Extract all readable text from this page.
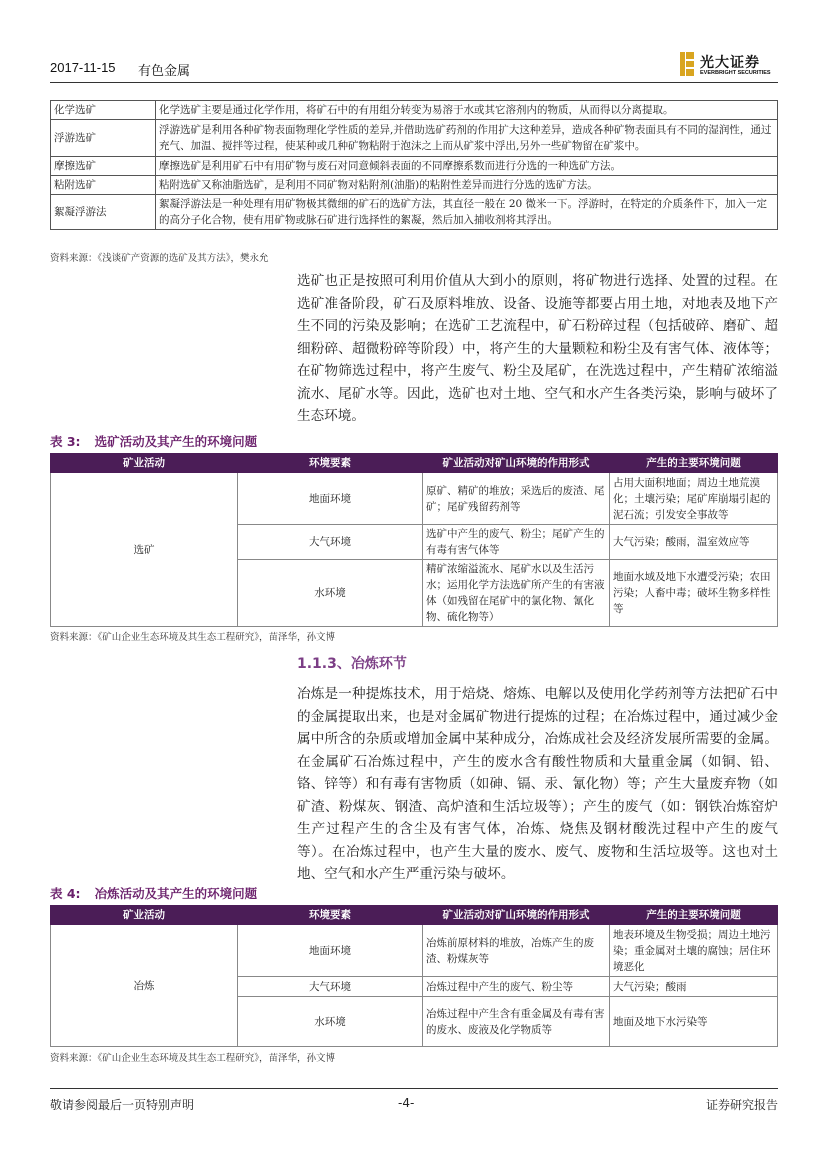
2017-11-15 有色金属
光大证券
EVERBRIGHT SECURITIES
化学选矿	化学选矿主要是通过化学作用，将矿石中的有用组分转变为易溶于水或其它溶剂内的物质，从而得以分离提取。
浮游选矿	浮游选矿是利用各种矿物表面物理化学性质的差异,并借助选矿药剂的作用扩大这种差异，造成各种矿物表面具有不同的湿润性，通过充气、加温、搅拌等过程，使某种或几种矿物粘附于泡沫之上而从矿浆中浮出,另外一些矿物留在矿浆中。
摩擦选矿	摩擦选矿是利用矿石中有用矿物与废石对同意倾斜表面的不同摩擦系数而进行分选的一种选矿方法。
粘附选矿	粘附选矿又称油脂选矿，是利用不同矿物对粘附剂(油脂)的粘附性差异而进行分选的选矿方法。
絮凝浮游法	絮凝浮游法是一种处理有用矿物极其微细的矿石的选矿方法，其直径一般在 20 微米一下。浮游时，在特定的介质条件下，加入一定的高分子化合物，使有用矿物或脉石矿进行选择性的絮凝，然后加入捕收剂将其浮出。
资料来源：《浅谈矿产资源的选矿及其方法》，樊永允
选矿也正是按照可利用价值从大到小的原则，将矿物进行选择、处置的过程。在选矿准备阶段，矿石及原料堆放、设备、设施等都要占用土地，对地表及地下产生不同的污染及影响；在选矿工艺流程中，矿石粉碎过程（包括破碎、磨矿、超细粉碎、超微粉碎等阶段）中，将产生的大量颗粒和粉尘及有害气体、液体等；在矿物筛选过程中，将产生废气、粉尘及尾矿，在洗选过程中，产生精矿浓缩溢流水、尾矿水等。因此，选矿也对土地、空气和水产生各类污染，影响与破坏了生态环境。
表 3: 选矿活动及其产生的环境问题
矿业活动	环境要素	矿业活动对矿山环境的作用形式	产生的主要环境问题
选矿	地面环境	原矿、精矿的堆放；采选后的废渣、尾矿；尾矿残留药剂等	占用大面积地面；周边土地荒漠化；土壤污染；尾矿库崩塌引起的泥石流；引发安全事故等
	大气环境	选矿中产生的废气、粉尘；尾矿产生的有毒有害气体等	大气污染；酸雨，温室效应等
	水环境	精矿浓缩溢流水、尾矿水以及生活污水；运用化学方法选矿所产生的有害液体（如残留在尾矿中的氯化物、氰化物、硫化物等）	地面水域及地下水遭受污染；农田污染；人畜中毒；破坏生物多样性等
资料来源：《矿山企业生态环境及其生态工程研究》，苗泽华，孙文博
1.1.3、冶炼环节
冶炼是一种提炼技术，用于焙烧、熔炼、电解以及使用化学药剂等方法把矿石中的金属提取出来，也是对金属矿物进行提炼的过程；在冶炼过程中，通过减少金属中所含的杂质或增加金属中某种成分，冶炼成社会及经济发展所需要的金属。在金属矿石冶炼过程中，产生的废水含有酸性物质和大量重金属（如铜、铅、铬、锌等）和有毒有害物质（如砷、镉、汞、氰化物）等；产生大量废弃物（如矿渣、粉煤灰、钢渣、高炉渣和生活垃圾等）；产生的废气（如：钢铁冶炼窑炉生产过程产生的含尘及有害气体，冶炼、烧焦及钢材酸洗过程中产生的废气等）。在冶炼过程中，也产生大量的废水、废气、废物和生活垃圾等。这也对土地、空气和水产生严重污染与破坏。
表 4: 冶炼活动及其产生的环境问题
矿业活动	环境要素	矿业活动对矿山环境的作用形式	产生的主要环境问题
冶炼	地面环境	冶炼前原材料的堆放，冶炼产生的废渣、粉煤灰等	地表环境及生物受损；周边土地污染；重金属对土壤的腐蚀；居住环境恶化
	大气环境	冶炼过程中产生的废气、粉尘等	大气污染；酸雨
	水环境	冶炼过程中产生含有重金属及有毒有害的废水、废液及化学物质等	地面及地下水污染等
资料来源：《矿山企业生态环境及其生态工程研究》，苗泽华，孙文博
敬请参阅最后一页特别声明	-4-	证券研究报告
